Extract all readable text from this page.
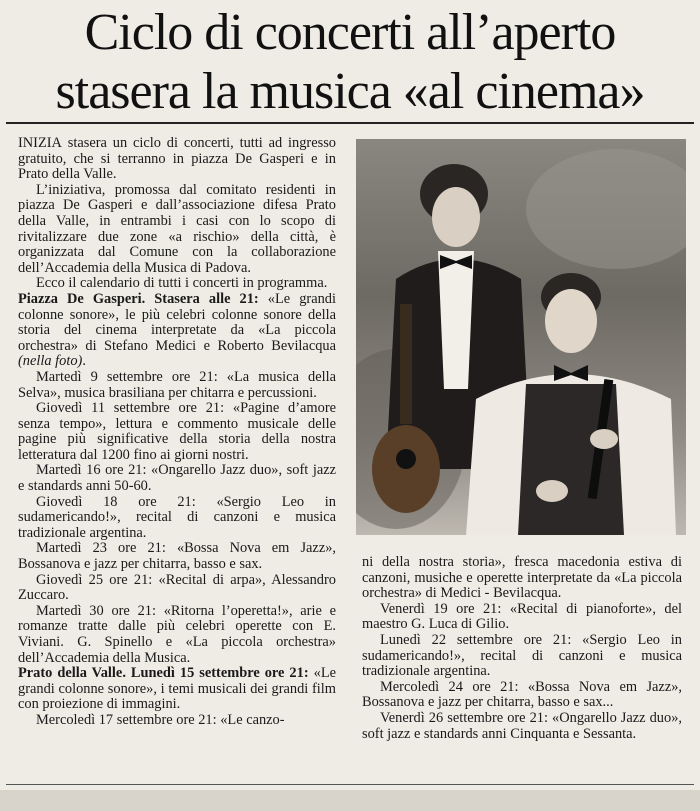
Ciclo di concerti all’aperto
stasera la musica «al cinema»

INIZIA stasera un ciclo di concerti, tutti ad ingresso gratuito, che si terranno in piazza De Gasperi e in Prato della Valle.

L’iniziativa, promossa dal comitato residenti in piazza De Gasperi e dall’associazione difesa Prato della Valle, in entrambi i casi con lo scopo di rivitalizzare due zone «a rischio» della città, è organizzata dal Comune con la collaborazione dell’Accademia della Musica di Padova.

Ecco il calendario di tutti i concerti in programma.

Piazza De Gasperi. Stasera alle 21: «Le grandi colonne sonore», le più celebri colonne sonore della storia del cinema interpretate da «La piccola orchestra» di Stefano Medici e Roberto Bevilacqua (nella foto).

Martedì 9 settembre ore 21: «La musica della Selva», musica brasiliana per chitarra e percussioni.

Giovedì 11 settembre ore 21: «Pagine d’amore senza tempo», lettura e commento musicale delle pagine più significative della storia della nostra letteratura dal 1200 fino ai giorni nostri.

Martedì 16 ore 21: «Ongarello Jazz duo», soft jazz e standards anni 50-60.

Giovedì 18 ore 21: «Sergio Leo in sudamericando!», recital di canzoni e musica tradizionale argentina.

Martedì 23 ore 21: «Bossa Nova em Jazz», Bossanova e jazz per chitarra, basso e sax.

Giovedì 25 ore 21: «Recital di arpa», Alessandro Zuccaro.

Martedì 30 ore 21: «Ritorna l’operetta!», arie e romanze tratte dalle più celebri operette con E. Viviani. G. Spinello e «La piccola orchestra» dell’Accademia della Musica.

Prato della Valle. Lunedì 15 settembre ore 21: «Le grandi colonne sonore», i temi musicali dei grandi film con proiezione di immagini.

Mercoledì 17 settembre ore 21: «Le canzo-

ni della nostra storia», fresca macedonia estiva di canzoni, musiche e operette interpretate da «La piccola orchestra» di Medici - Bevilacqua.

Venerdì 19 ore 21: «Recital di pianoforte», del maestro G. Luca di Gilio.

Lunedì 22 settembre ore 21: «Sergio Leo in sudamericando!», recital di canzoni e musica tradizionale argentina.

Mercoledì 24 ore 21: «Bossa Nova em Jazz», Bossanova e jazz per chitarra, basso e sax...

Venerdì 26 settembre ore 21: «Ongarello Jazz duo», soft jazz e standards anni Cinquanta e Sessanta.
